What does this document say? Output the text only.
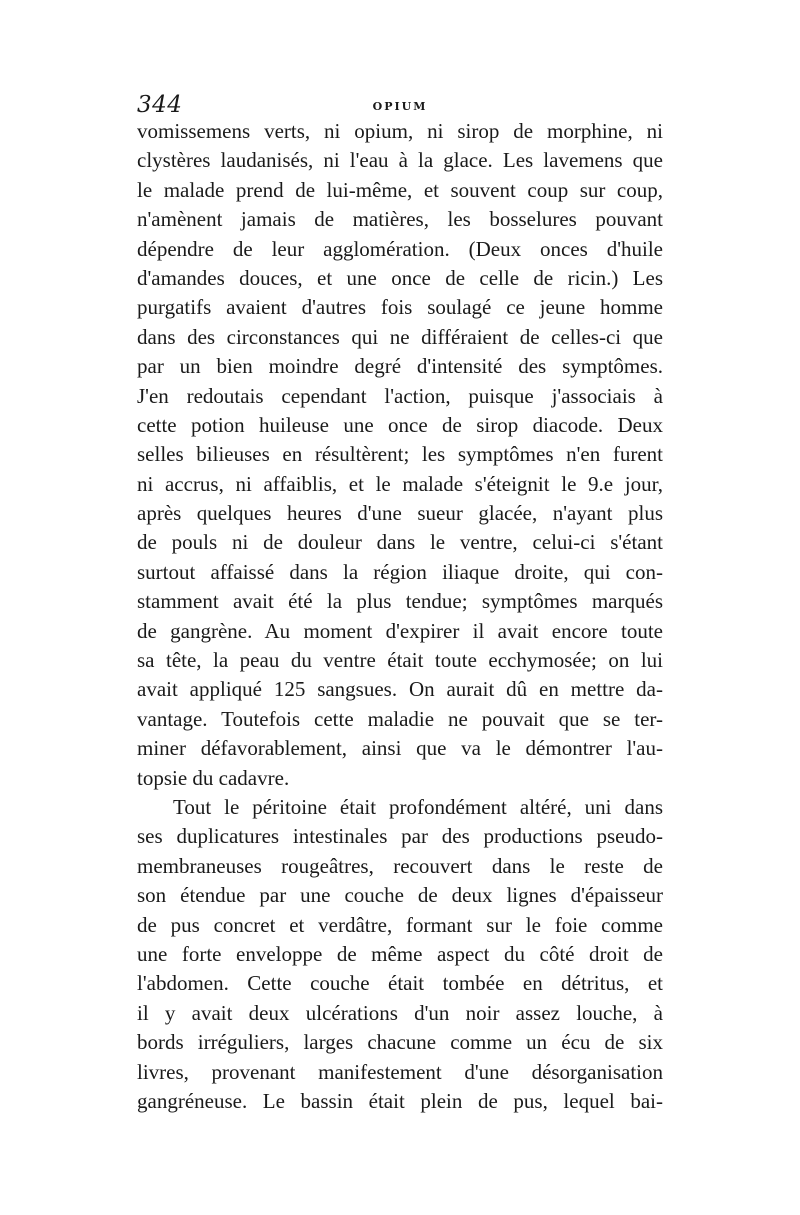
344	OPIUM
vomissemens verts, ni opium, ni sirop de morphine, ni
clystères laudanisés, ni l'eau à la glace. Les lavemens que
le malade prend de lui-même, et souvent coup sur coup,
n'amènent jamais de matières, les bosselures pouvant
dépendre de leur agglomération. (Deux onces d'huile
d'amandes douces, et une once de celle de ricin.) Les
purgatifs avaient d'autres fois soulagé ce jeune homme
dans des circonstances qui ne différaient de celles-ci que
par un bien moindre degré d'intensité des symptômes.
J'en redoutais cependant l'action, puisque j'associais à
cette potion huileuse une once de sirop diacode. Deux
selles bilieuses en résultèrent; les symptômes n'en furent
ni accrus, ni affaiblis, et le malade s'éteignit le 9.e jour,
après quelques heures d'une sueur glacée, n'ayant plus
de pouls ni de douleur dans le ventre, celui-ci s'étant
surtout affaissé dans la région iliaque droite, qui con-
stamment avait été la plus tendue; symptômes marqués
de gangrène. Au moment d'expirer il avait encore toute
sa tête, la peau du ventre était toute ecchymosée; on lui
avait appliqué 125 sangsues. On aurait dû en mettre da-
vantage. Toutefois cette maladie ne pouvait que se ter-
miner défavorablement, ainsi que va le démontrer l'au-
topsie du cadavre.
Tout le péritoine était profondément altéré, uni dans
ses duplicatures intestinales par des productions pseudo-
membraneuses rougeâtres, recouvert dans le reste de
son étendue par une couche de deux lignes d'épaisseur
de pus concret et verdâtre, formant sur le foie comme
une forte enveloppe de même aspect du côté droit de
l'abdomen. Cette couche était tombée en détritus, et
il y avait deux ulcérations d'un noir assez louche, à
bords irréguliers, larges chacune comme un écu de six
livres, provenant manifestement d'une désorganisation
gangréneuse. Le bassin était plein de pus, lequel bai-
